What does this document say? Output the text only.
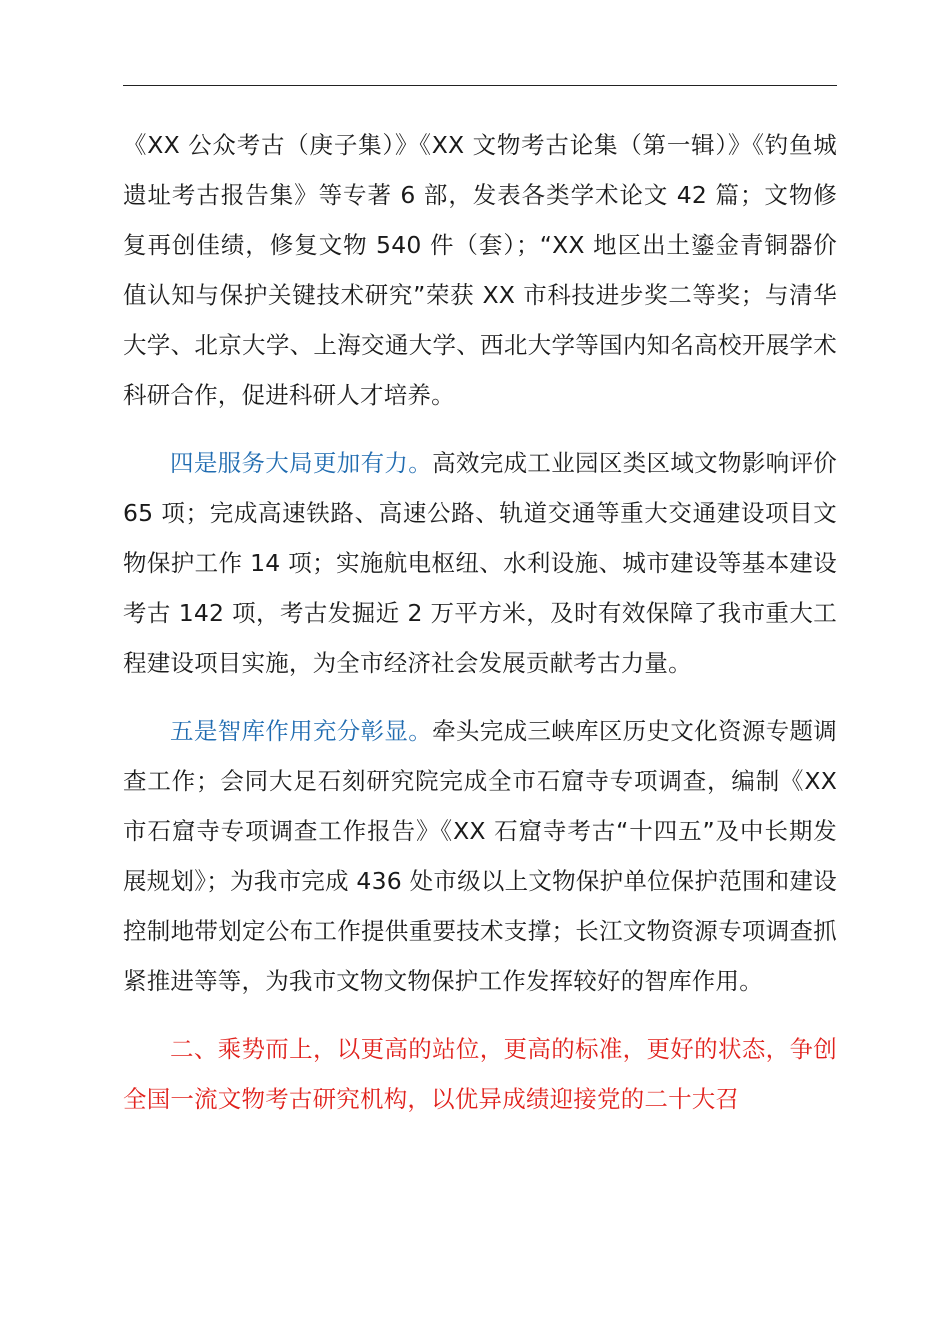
《XX 公众考古（庚子集）》《XX 文物考古论集（第一辑）》《钓鱼城遗址考古报告集》等专著 6 部，发表各类学术论文 42 篇；文物修复再创佳绩，修复文物 540 件（套）；“XX 地区出土鎏金青铜器价值认知与保护关键技术研究”荣获 XX 市科技进步奖二等奖；与清华大学、北京大学、上海交通大学、西北大学等国内知名高校开展学术科研合作，促进科研人才培养。

四是服务大局更加有力。高效完成工业园区类区域文物影响评价 65 项；完成高速铁路、高速公路、轨道交通等重大交通建设项目文物保护工作 14 项；实施航电枢纽、水利设施、城市建设等基本建设考古 142 项，考古发掘近 2 万平方米，及时有效保障了我市重大工程建设项目实施，为全市经济社会发展贡献考古力量。

五是智库作用充分彰显。牵头完成三峡库区历史文化资源专题调查工作；会同大足石刻研究院完成全市石窟寺专项调查，编制《XX 市石窟寺专项调查工作报告》《XX 石窟寺考古“十四五”及中长期发展规划》；为我市完成 436 处市级以上文物保护单位保护范围和建设控制地带划定公布工作提供重要技术支撑；长江文物资源专项调查抓紧推进等等，为我市文物文物保护工作发挥较好的智库作用。

二、乘势而上，以更高的站位，更高的标准，更好的状态，争创全国一流文物考古研究机构，以优异成绩迎接党的二十大召
